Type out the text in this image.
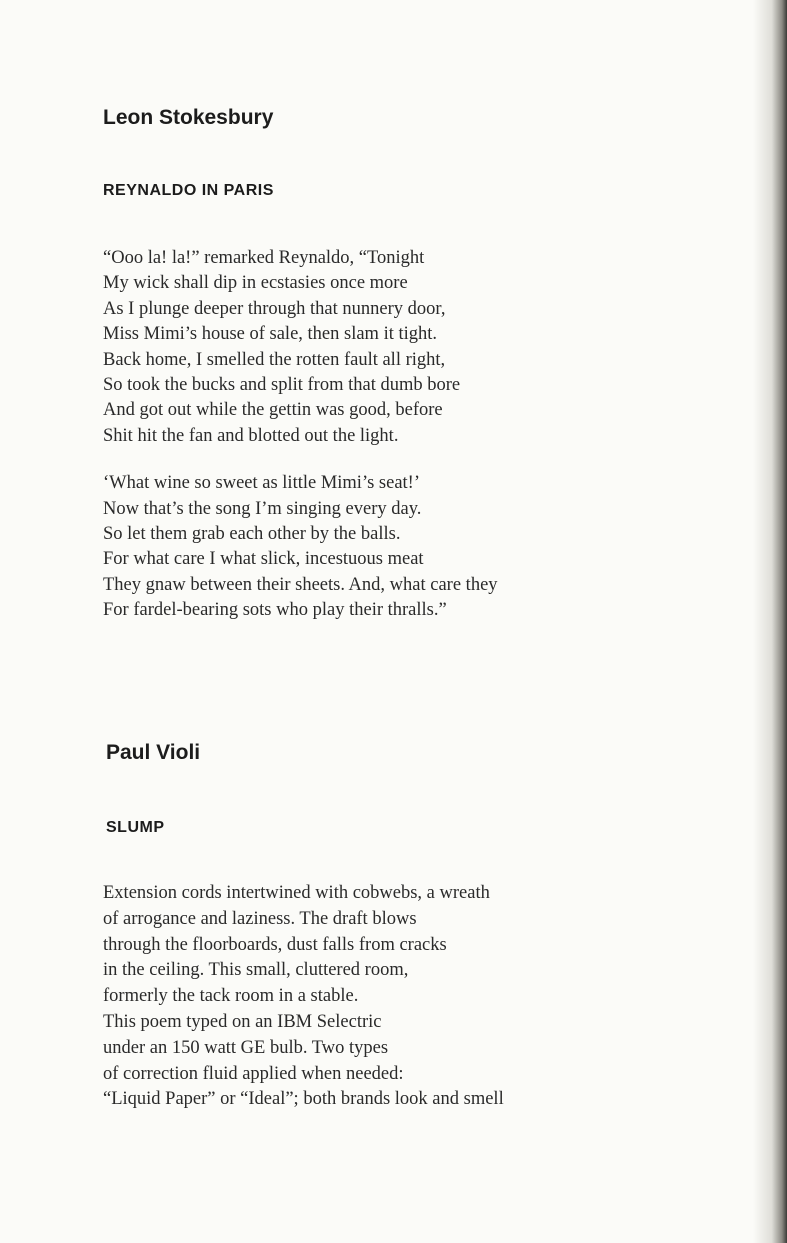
Leon Stokesbury
REYNALDO IN PARIS
“Ooo la! la!” remarked Reynaldo, “Tonight
My wick shall dip in ecstasies once more
As I plunge deeper through that nunnery door,
Miss Mimi’s house of sale, then slam it tight.
Back home, I smelled the rotten fault all right,
So took the bucks and split from that dumb bore
And got out while the gettin was good, before
Shit hit the fan and blotted out the light.
‘What wine so sweet as little Mimi’s seat!’
Now that’s the song I’m singing every day.
So let them grab each other by the balls.
For what care I what slick, incestuous meat
They gnaw between their sheets. And, what care they
For fardel-bearing sots who play their thralls.”
Paul Violi
SLUMP
Extension cords intertwined with cobwebs, a wreath
of arrogance and laziness. The draft blows
through the floorboards, dust falls from cracks
in the ceiling. This small, cluttered room,
formerly the tack room in a stable.
This poem typed on an IBM Selectric
under an 150 watt GE bulb. Two types
of correction fluid applied when needed:
“Liquid Paper” or “Ideal”; both brands look and smell
